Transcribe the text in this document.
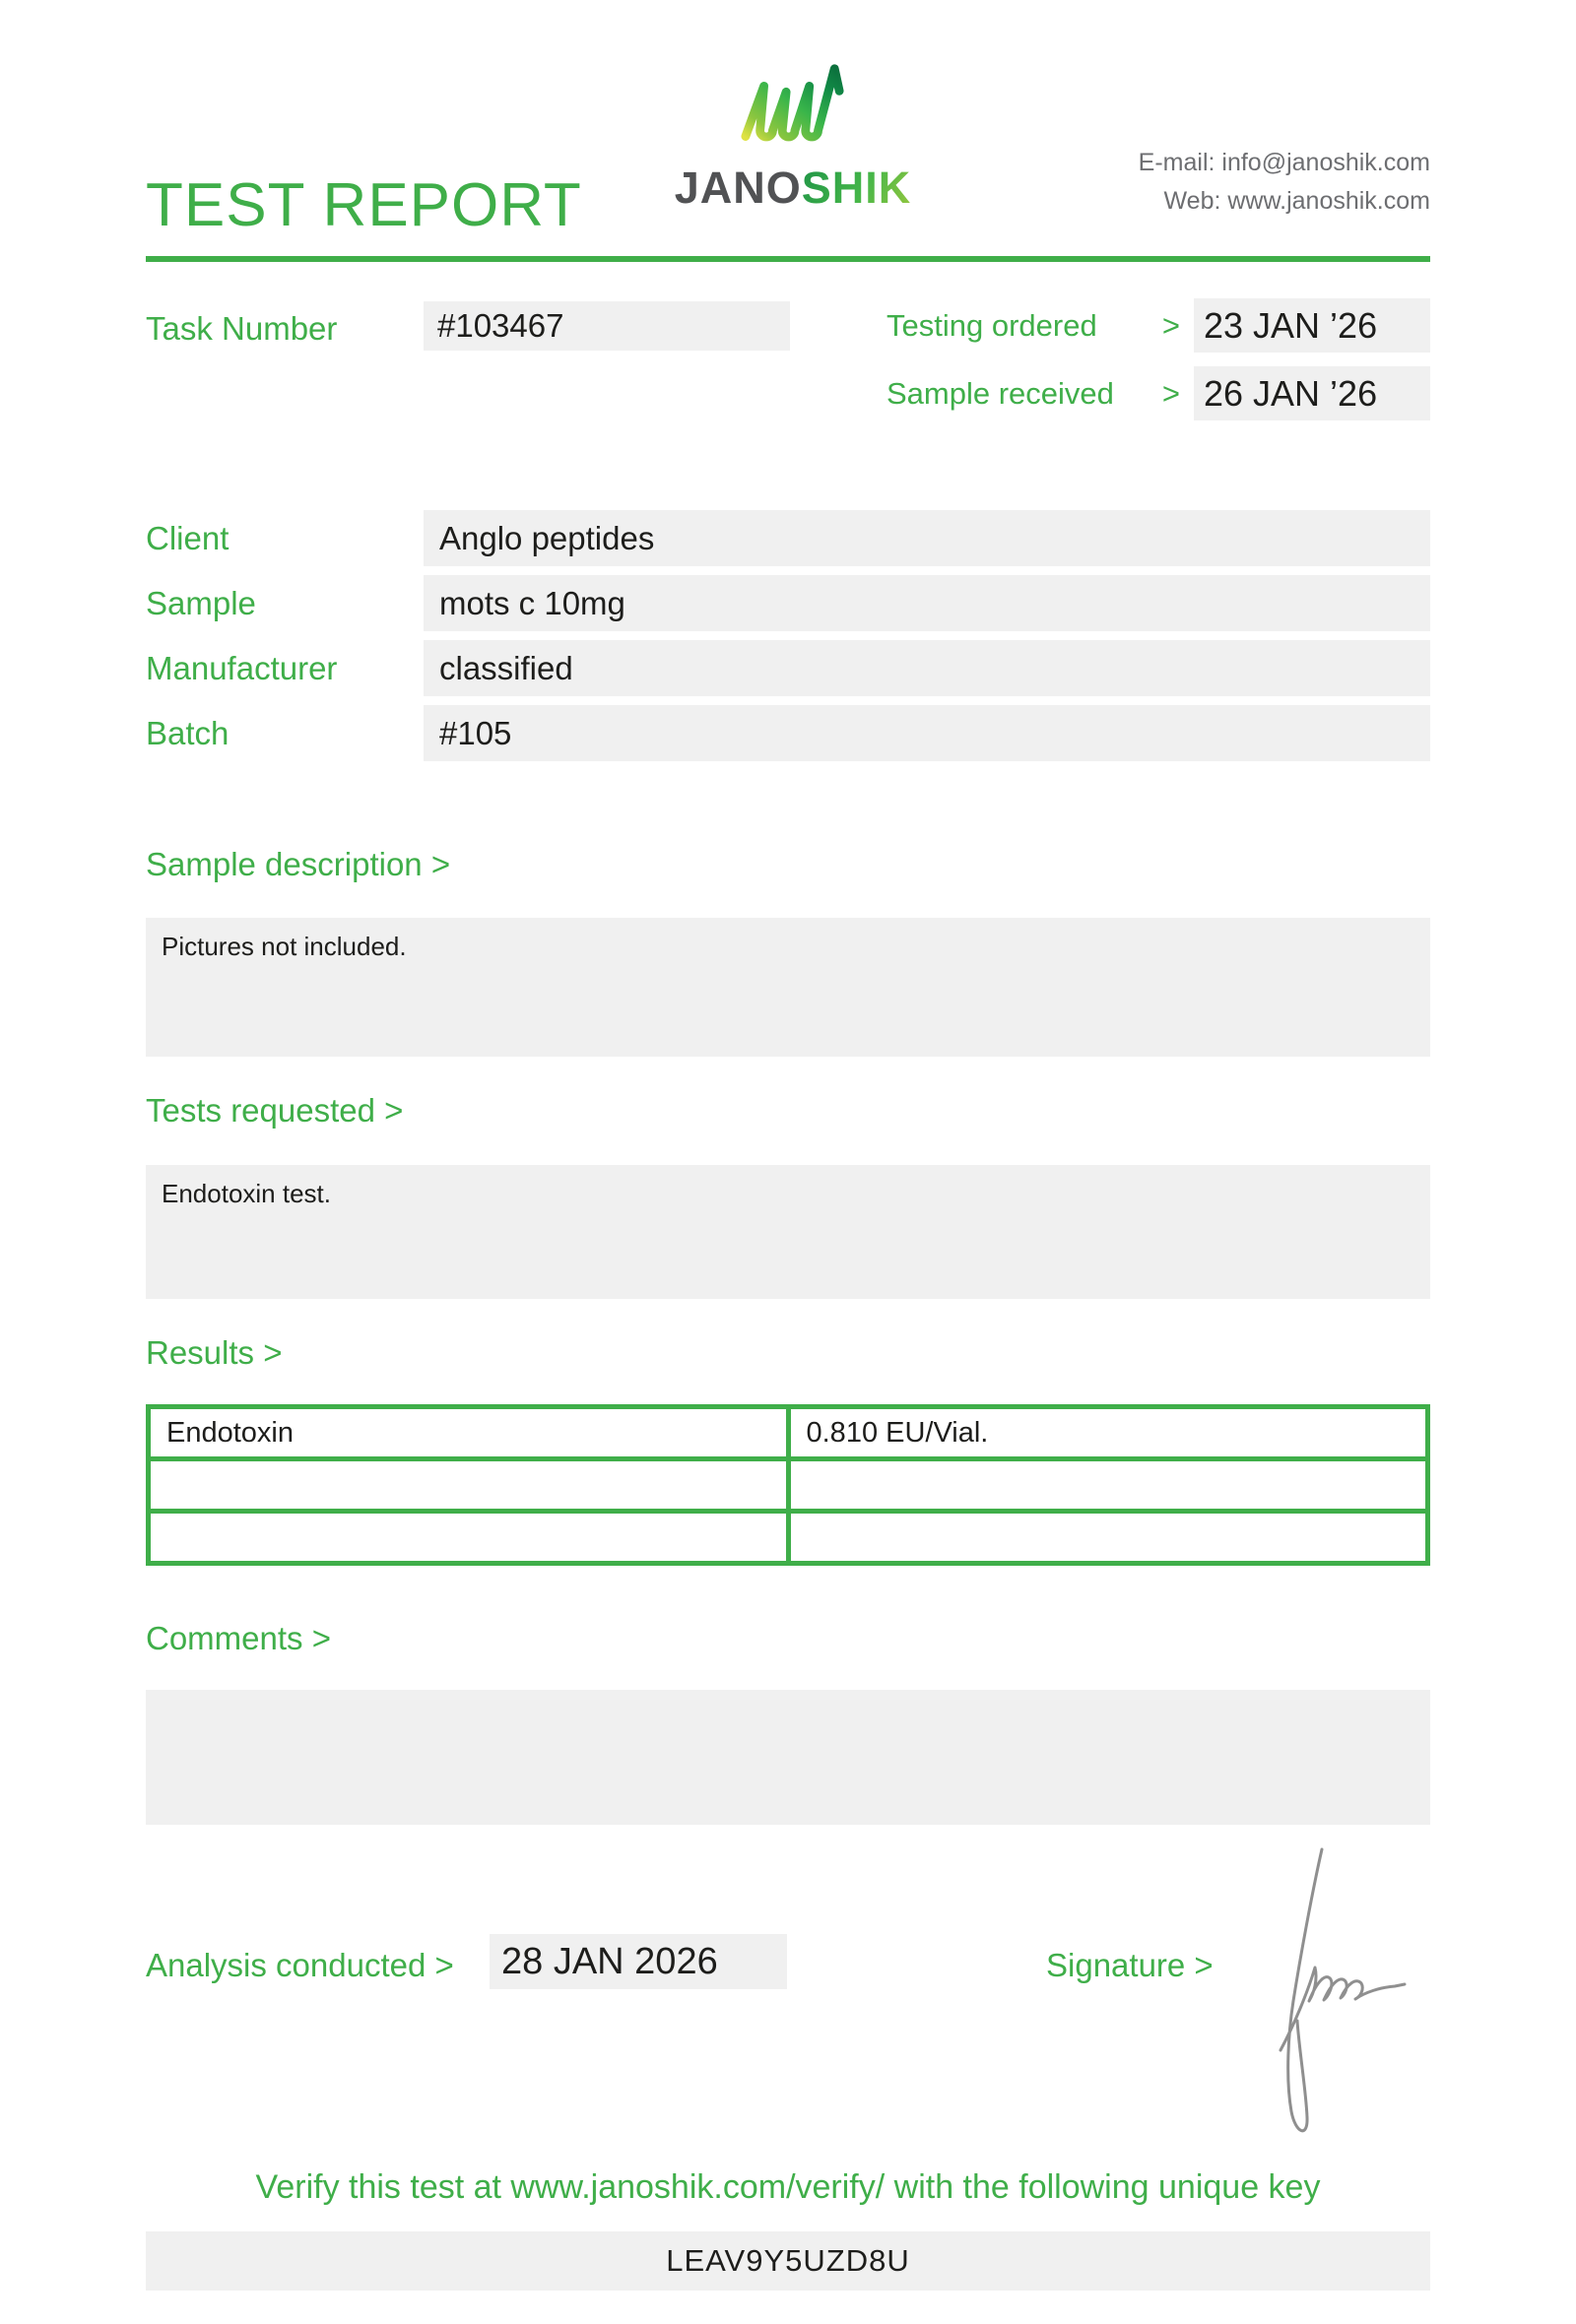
TEST REPORT	JANOSHIK	E-mail: info@janoshik.com
Web: www.janoshik.com
Task Number	#103467	Testing ordered	> 23 JAN ’26
Sample received	> 26 JAN ’26
Client	Anglo peptides
Sample	mots c 10mg
Manufacturer	classified
Batch	#105
Sample description >
Pictures not included.
Tests requested >
Endotoxin test.
Results >
Endotoxin	0.810 EU/Vial.

Comments >
Analysis conducted >	28 JAN 2026	Signature >
Verify this test at www.janoshik.com/verify/ with the following unique key
LEAV9Y5UZD8U
